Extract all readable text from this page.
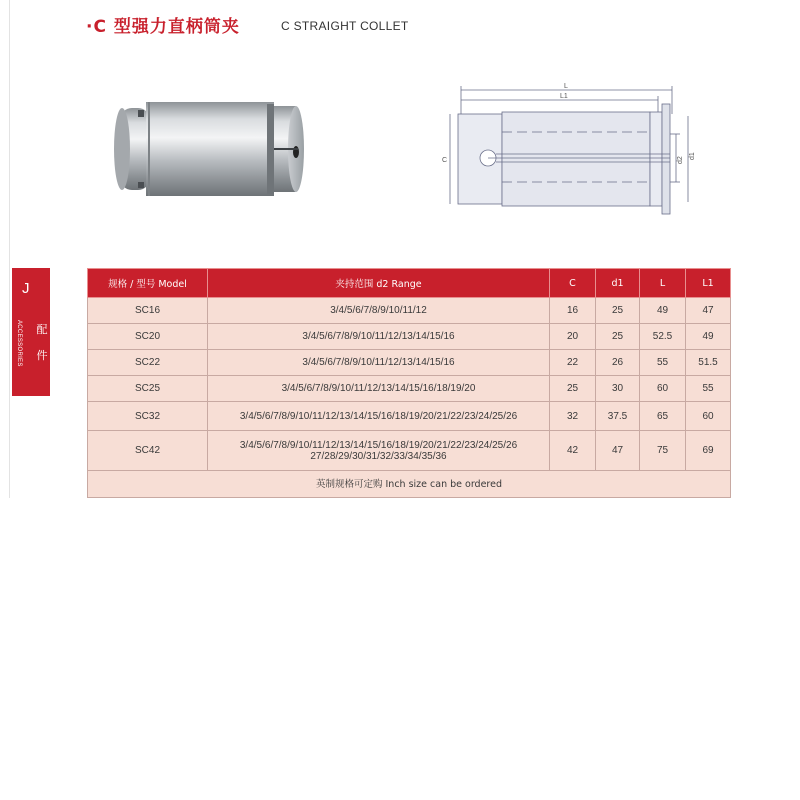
·C 型强力直柄筒夹	C STRAIGHT COLLET
L
L1
C
d1
d2
J
ACCESSORIES 配
件
规格 / 型号 Model	夹持范围 d2 Range	C	d1	L	L1
SC16	3/4/5/6/7/8/9/10/11/12	16	25	49	47
SC20	3/4/5/6/7/8/9/10/11/12/13/14/15/16	20	25	52.5	49
SC22	3/4/5/6/7/8/9/10/11/12/13/14/15/16	22	26	55	51.5
SC25	3/4/5/6/7/8/9/10/11/12/13/14/15/16/18/19/20	25	30	60	55
SC32	3/4/5/6/7/8/9/10/11/12/13/14/15/16/18/19/20/21/22/23/24/25/26	32	37.5	65	60
SC42	3/4/5/6/7/8/9/10/11/12/13/14/15/16/18/19/20/21/22/23/24/25/26
27/28/29/30/31/32/33/34/35/36	42	47	75	69
英制规格可定购 Inch size can be ordered					
